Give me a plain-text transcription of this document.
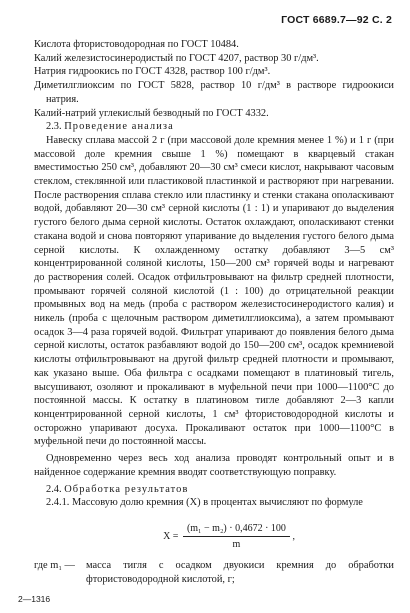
ГОСТ 6689.7—92 С. 2

Кислота фтористоводородная по ГОСТ 10484.

Калий железистосинеродистый по ГОСТ 4207, раствор 30 г/дм³.

Натрия гидроокись по ГОСТ 4328, раствор 100 г/дм³.

Диметилглиоксим по ГОСТ 5828, раствор 10 г/дм³ в растворе гидроокиси натрия.

Калий-натрий углекислый безводный по ГОСТ 4332.

2.3. Проведение анализа

Навеску сплава массой 2 г (при массовой доле кремния менее 1 %) и 1 г (при массовой доле кремния свыше 1 %) помещают в кварцевый стакан вместимостью 250 см³, добавляют 20—30 см³ смеси кислот, накрывают часовым стеклом, стеклянной или пластиковой пластинкой и растворяют при нагревании. После растворения сплава стекло или пластинку и стенки стакана ополаскивают водой, добавляют 20—30 см³ серной кислоты (1 : 1) и упаривают до выделения густого белого дыма серной кислоты. Остаток охлаждают, ополаскивают стенки стакана водой и снова повторяют упаривание до выделения густого белого дыма серной кислоты. К охлажденному остатку добавляют 3—5 см³ концентрированной соляной кислоты, 150—200 см³ горячей воды и нагревают до растворения солей. Осадок отфильтровывают на фильтр средней плотности, промывают горячей соляной кислотой (1 : 100) до отрицательной реакции промывных вод на медь (проба с раствором железистосинеродистого калия) и никель (проба с щелочным раствором диметилглиоксима), а затем промывают осадок 3—4 раза горячей водой. Фильтрат упаривают до появления белого дыма серной кислоты, остаток разбавляют водой до 150—200 см³, осадок кремниевой кислоты отфильтровывают на другой фильтр средней плотности и промывают, как указано выше. Оба фильтра с осадками помещают в платиновый тигель, высушивают, озоляют и прокаливают в муфельной печи при 1000—1100°С до постоянной массы. К остатку в платиновом тигле добавляют 2—3 капли концентрированной серной кислоты, 1 см³ фтористоводородной кислоты и осторожно упаривают досуха. Прокаливают остаток при 1000—1100°С в муфельной печи до постоянной массы.

Одновременно через весь ход анализа проводят контрольный опыт и в найденное содержание кремния вводят соответствующую поправку.

2.4. Обработка результатов

2.4.1. Массовую долю кремния (X) в процентах вычисляют по формуле

$X = \frac{\text{(m₁ − m₂) · 0,4672 · 100}}{m}$ ,
где m₁ —	масса тигля с осадком двуокиси кремния до обработки фтористоводородной кислотой, г;
2—1316
